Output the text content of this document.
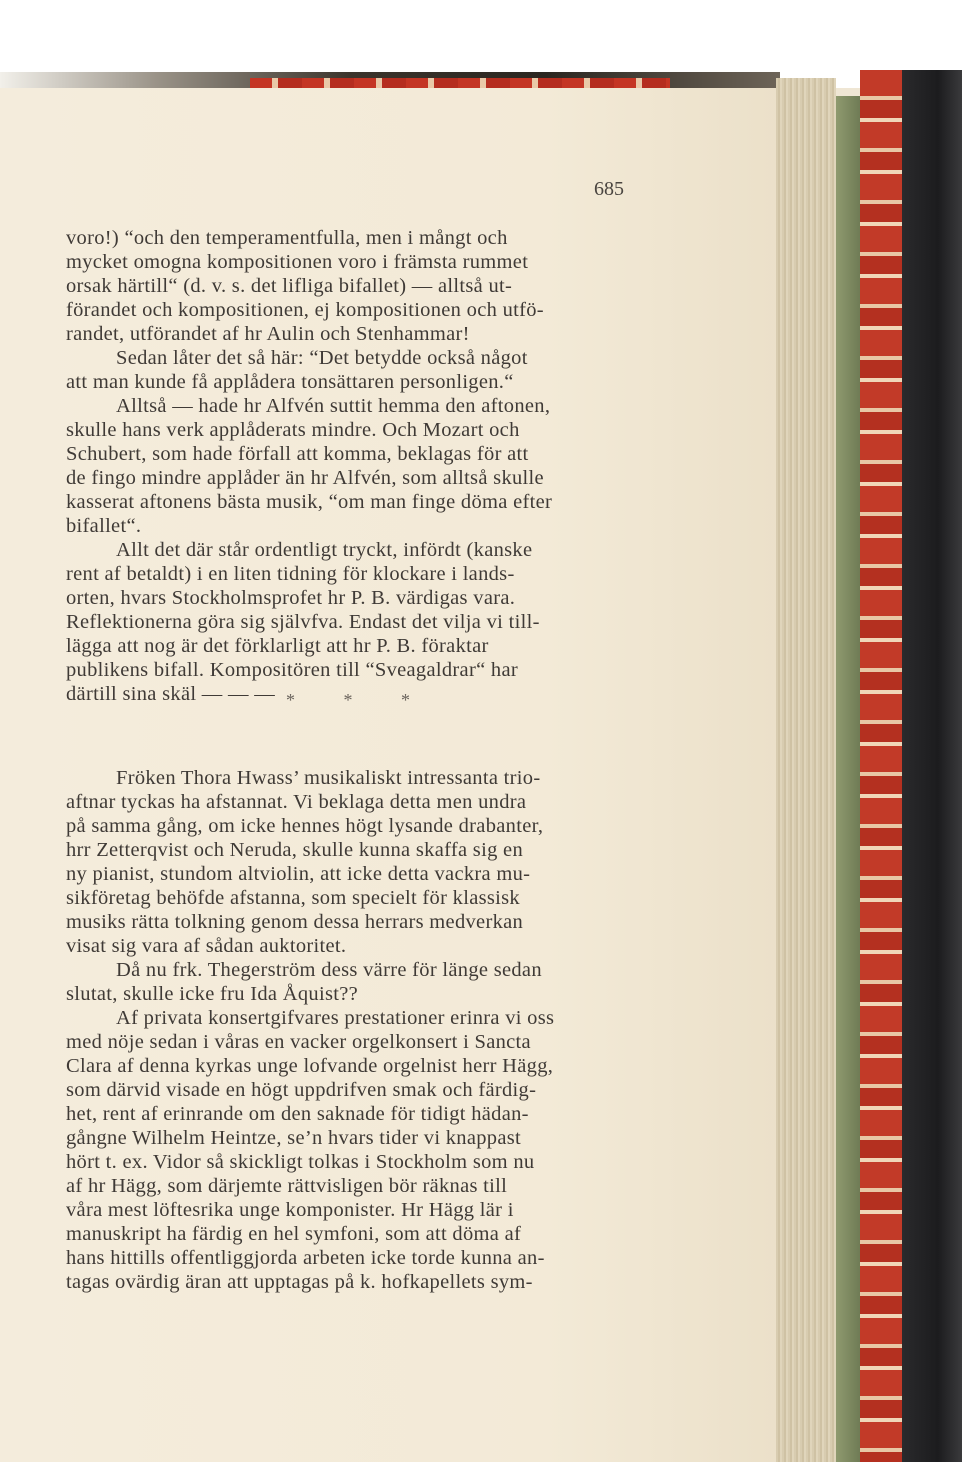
685
voro!) “och den temperamentfulla, men i mångt och
mycket omogna kompositionen voro i främsta rummet
orsak härtill“ (d. v. s. det lifliga bifallet) — alltså ut-
förandet och kompositionen, ej kompositionen och utfö-
randet, utförandet af hr Aulin och Stenhammar!
Sedan låter det så här: “Det betydde också något
att man kunde få applådera tonsättaren personligen.“
Alltså — hade hr Alfvén suttit hemma den aftonen,
skulle hans verk applåderats mindre. Och Mozart och
Schubert, som hade förfall att komma, beklagas för att
de fingo mindre applåder än hr Alfvén, som alltså skulle
kasserat aftonens bästa musik, “om man finge döma efter
bifallet“.
Allt det där står ordentligt tryckt, infördt (kanske
rent af betaldt) i en liten tidning för klockare i lands-
orten, hvars Stockholmsprofet hr P. B. värdigas vara.
Reflektionerna göra sig självfva. Endast det vilja vi till-
lägga att nog är det förklarligt att hr P. B. föraktar
publikens bifall. Kompositören till “Sveagaldrar“ har
därtill sina skäl — — —
Fröken Thora Hwass’ musikaliskt intressanta trio-
aftnar tyckas ha afstannat. Vi beklaga detta men undra
på samma gång, om icke hennes högt lysande drabanter,
hrr Zetterqvist och Neruda, skulle kunna skaffa sig en
ny pianist, stundom altviolin, att icke detta vackra mu-
sikföretag behöfde afstanna, som specielt för klassisk
musiks rätta tolkning genom dessa herrars medverkan
visat sig vara af sådan auktoritet.
Då nu frk. Thegerström dess värre för länge sedan
slutat, skulle icke fru Ida Åquist??
Af privata konsertgifvares prestationer erinra vi oss
med nöje sedan i våras en vacker orgelkonsert i Sancta
Clara af denna kyrkas unge lofvande orgelnist herr Hägg,
som därvid visade en högt uppdrifven smak och färdig-
het, rent af erinrande om den saknade för tidigt hädan-
gångne Wilhelm Heintze, se’n hvars tider vi knappast
hört t. ex. Vidor så skickligt tolkas i Stockholm som nu
af hr Hägg, som därjemte rättvisligen bör räknas till
våra mest löftesrika unge komponister. Hr Hägg lär i
manuskript ha färdig en hel symfoni, som att döma af
hans hittills offentliggjorda arbeten icke torde kunna an-
tagas ovärdig äran att upptagas på k. hofkapellets sym-
* * *
